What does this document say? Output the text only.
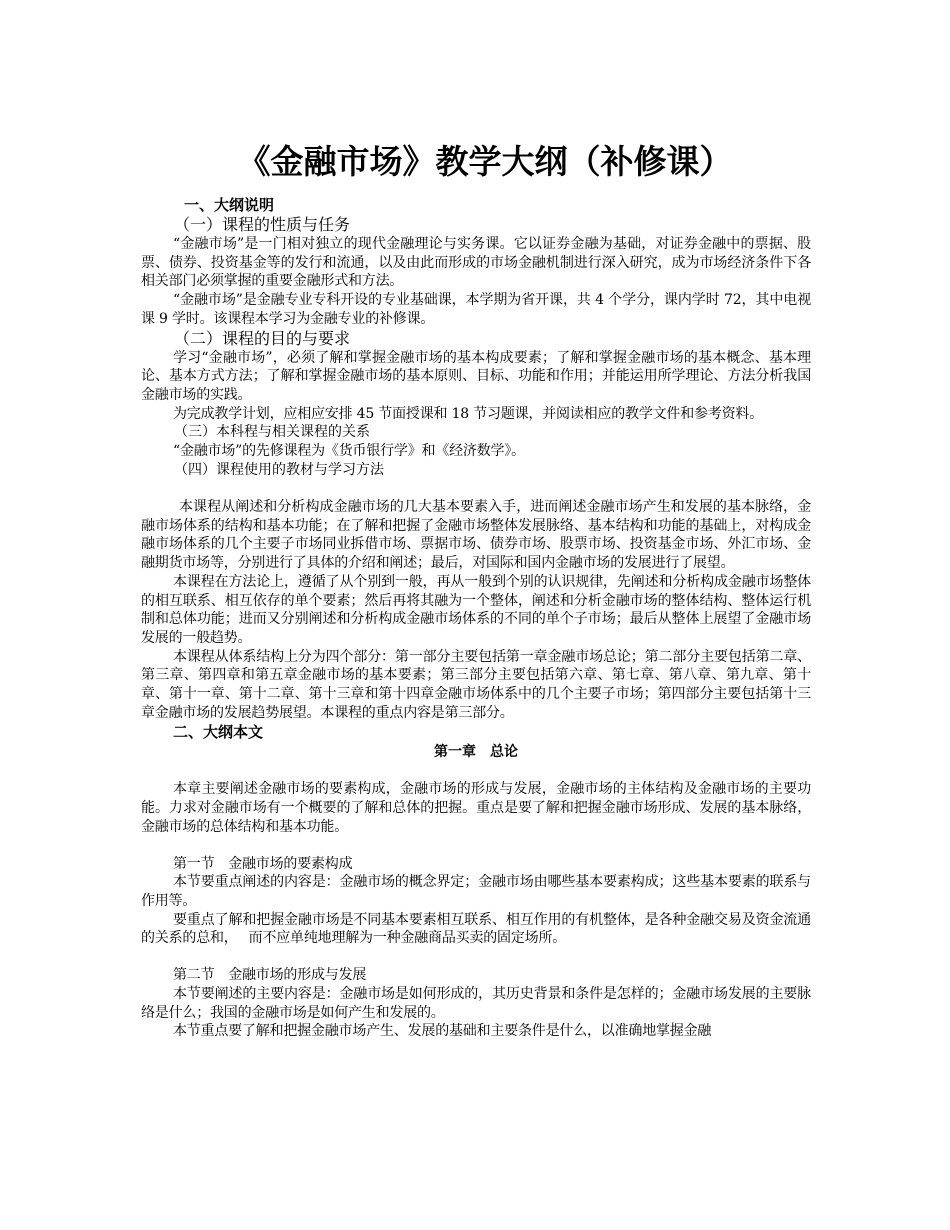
《金融市场》教学大纲（补修课）
一、大纲说明
（一）课程的性质与任务

“金融市场”是一门相对独立的现代金融理论与实务课。它以证券金融为基础，对证券金融中的票据、股票、债券、投资基金等的发行和流通，以及由此而形成的市场金融机制进行深入研究，成为市场经济条件下各相关部门必须掌握的重要金融形式和方法。

“金融市场”是金融专业专科开设的专业基础课，本学期为省开课，共 4 个学分，课内学时 72，其中电视课 9 学时。该课程本学习为金融专业的补修课。

（二）课程的目的与要求

学习“金融市场”，必须了解和掌握金融市场的基本构成要素；了解和掌握金融市场的基本概念、基本理论、基本方式方法；了解和掌握金融市场的基本原则、目标、功能和作用；并能运用所学理论、方法分析我国金融市场的实践。

为完成教学计划，应相应安排 45 节面授课和 18 节习题课，并阅读相应的教学文件和参考资料。

（三）本科程与相关课程的关系

“金融市场”的先修课程为《货币银行学》和《经济数学》。

（四）课程使用的教材与学习方法

本课程从阐述和分析构成金融市场的几大基本要素入手，进而阐述金融市场产生和发展的基本脉络，金融市场体系的结构和基本功能；在了解和把握了金融市场整体发展脉络、基本结构和功能的基础上，对构成金融市场体系的几个主要子市场同业拆借市场、票据市场、债券市场、股票市场、投资基金市场、外汇市场、金融期货市场等，分别进行了具体的介绍和阐述；最后，对国际和国内金融市场的发展进行了展望。

本课程在方法论上，遵循了从个别到一般，再从一般到个别的认识规律，先阐述和分析构成金融市场整体的相互联系、相互依存的单个要素；然后再将其融为一个整体，阐述和分析金融市场的整体结构、整体运行机制和总体功能；进而又分别阐述和分析构成金融市场体系的不同的单个子市场；最后从整体上展望了金融市场发展的一般趋势。

本课程从体系结构上分为四个部分：第一部分主要包括第一章金融市场总论；第二部分主要包括第二章、第三章、第四章和第五章金融市场的基本要素；第三部分主要包括第六章、第七章、第八章、第九章、第十章、第十一章、第十二章、第十三章和第十四章金融市场体系中的几个主要子市场；第四部分主要包括第十三章金融市场的发展趋势展望。本课程的重点内容是第三部分。

二、大纲本文
第一章　总论

本章主要阐述金融市场的要素构成，金融市场的形成与发展，金融市场的主体结构及金融市场的主要功能。力求对金融市场有一个概要的了解和总体的把握。重点是要了解和把握金融市场形成、发展的基本脉络，金融市场的总体结构和基本功能。

第一节　金融市场的要素构成

本节要重点阐述的内容是：金融市场的概念界定；金融市场由哪些基本要素构成；这些基本要素的联系与作用等。

要重点了解和把握金融市场是不同基本要素相互联系、相互作用的有机整体，是各种金融交易及资金流通的关系的总和，　 而不应单纯地理解为一种金融商品买卖的固定场所。

第二节　金融市场的形成与发展

本节要阐述的主要内容是：金融市场是如何形成的，其历史背景和条件是怎样的；金融市场发展的主要脉络是什么；我国的金融市场是如何产生和发展的。

本节重点要了解和把握金融市场产生、发展的基础和主要条件是什么，以准确地掌握金融
